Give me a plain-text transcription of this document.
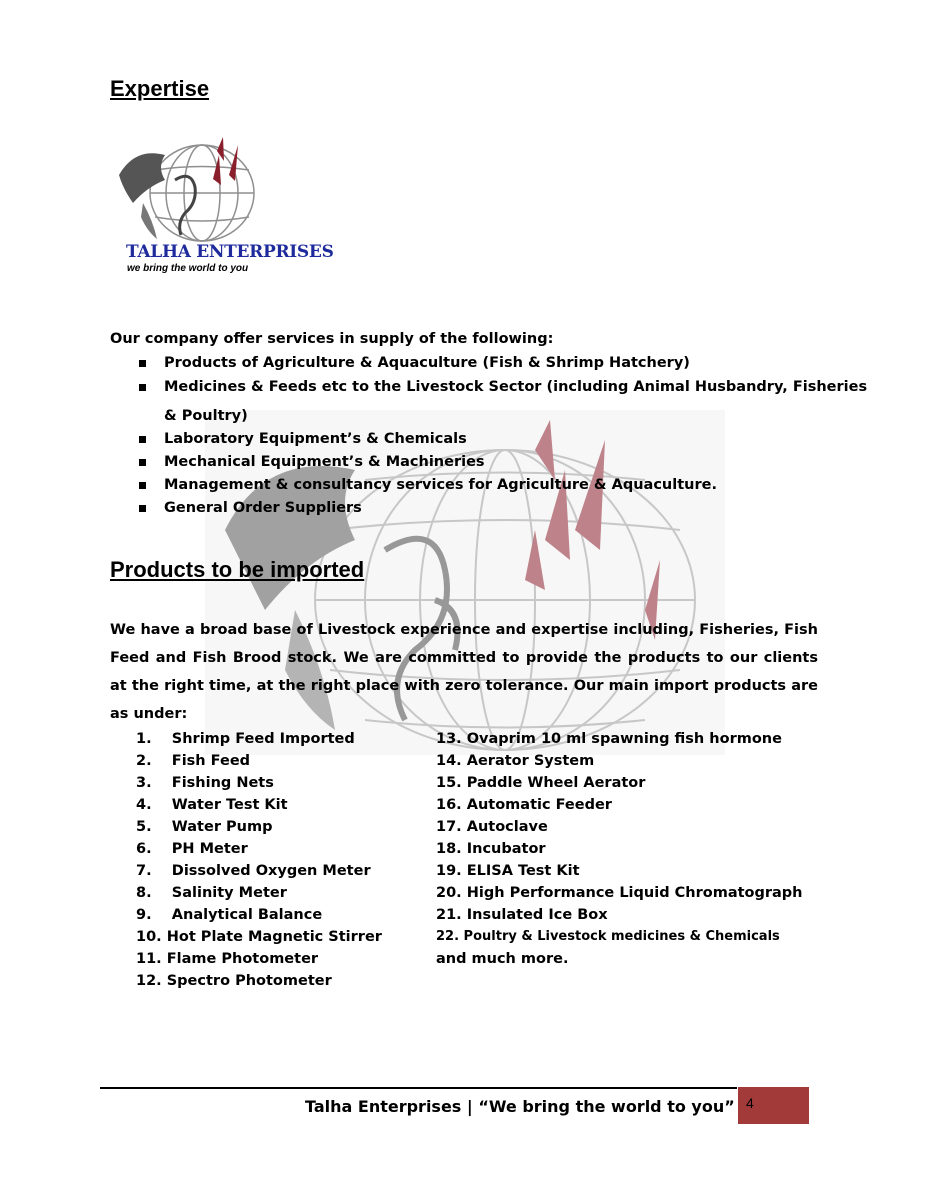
Expertise
TALHA ENTERPRISES
we bring the world to you
Our company offer services in supply of the following:
Products of Agriculture & Aquaculture (Fish & Shrimp Hatchery)
Medicines & Feeds etc to the Livestock Sector (including Animal Husbandry, Fisheries
& Poultry)
Laboratory Equipment’s & Chemicals
Mechanical Equipment’s & Machineries
Management & consultancy services for Agriculture & Aquaculture.
General Order Suppliers
Products to be imported
We have a broad base of Livestock experience and expertise including, Fisheries, Fish Feed and Fish Brood stock. We are committed to provide the products to our clients at the right time, at the right place with zero tolerance. Our main import products are as under:
1.    Shrimp Feed Imported
2.    Fish Feed
3.    Fishing Nets
4.    Water Test Kit
5.    Water Pump
6.    PH Meter
7.    Dissolved Oxygen Meter
8.    Salinity Meter
9.    Analytical Balance
10. Hot Plate Magnetic Stirrer
11. Flame Photometer
12. Spectro Photometer
13. Ovaprim 10 ml spawning fish hormone
14. Aerator System
15. Paddle Wheel Aerator
16. Automatic Feeder
17. Autoclave
18. Incubator
19. ELISA Test Kit
20. High Performance Liquid Chromatograph
21. Insulated Ice Box
22. Poultry & Livestock medicines & Chemicals
and much more.
Talha Enterprises | “We bring the world to you” 4
